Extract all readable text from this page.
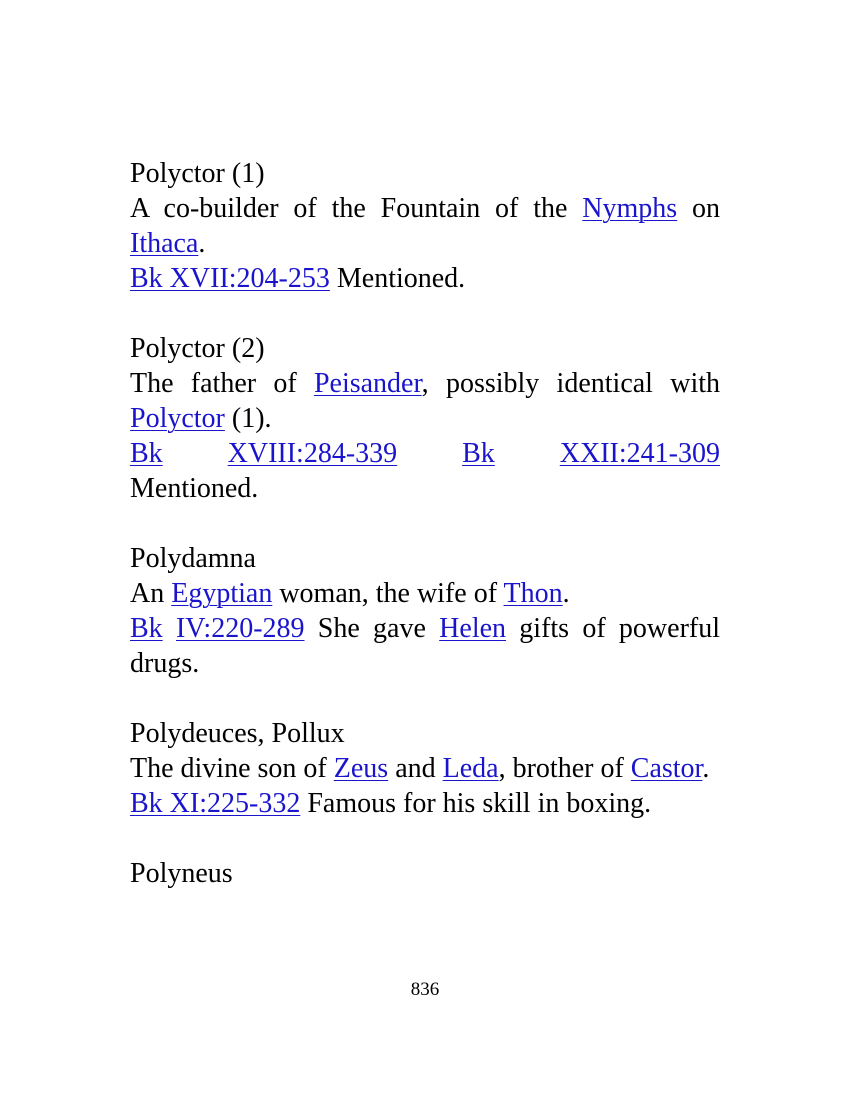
Polyctor (1)

A co-builder of the Fountain of the Nymphs on Ithaca.

Bk XVII:204-253 Mentioned.

Polyctor (2)

The father of Peisander, possibly identical with Polyctor (1).

Bk XVIII:284-339 Bk XXII:241-309

Mentioned.

Polydamna

An Egyptian woman, the wife of Thon.

Bk IV:220-289 She gave Helen gifts of powerful drugs.

Polydeuces, Pollux

The divine son of Zeus and Leda, brother of Castor.

Bk XI:225-332 Famous for his skill in boxing.

Polyneus

836
